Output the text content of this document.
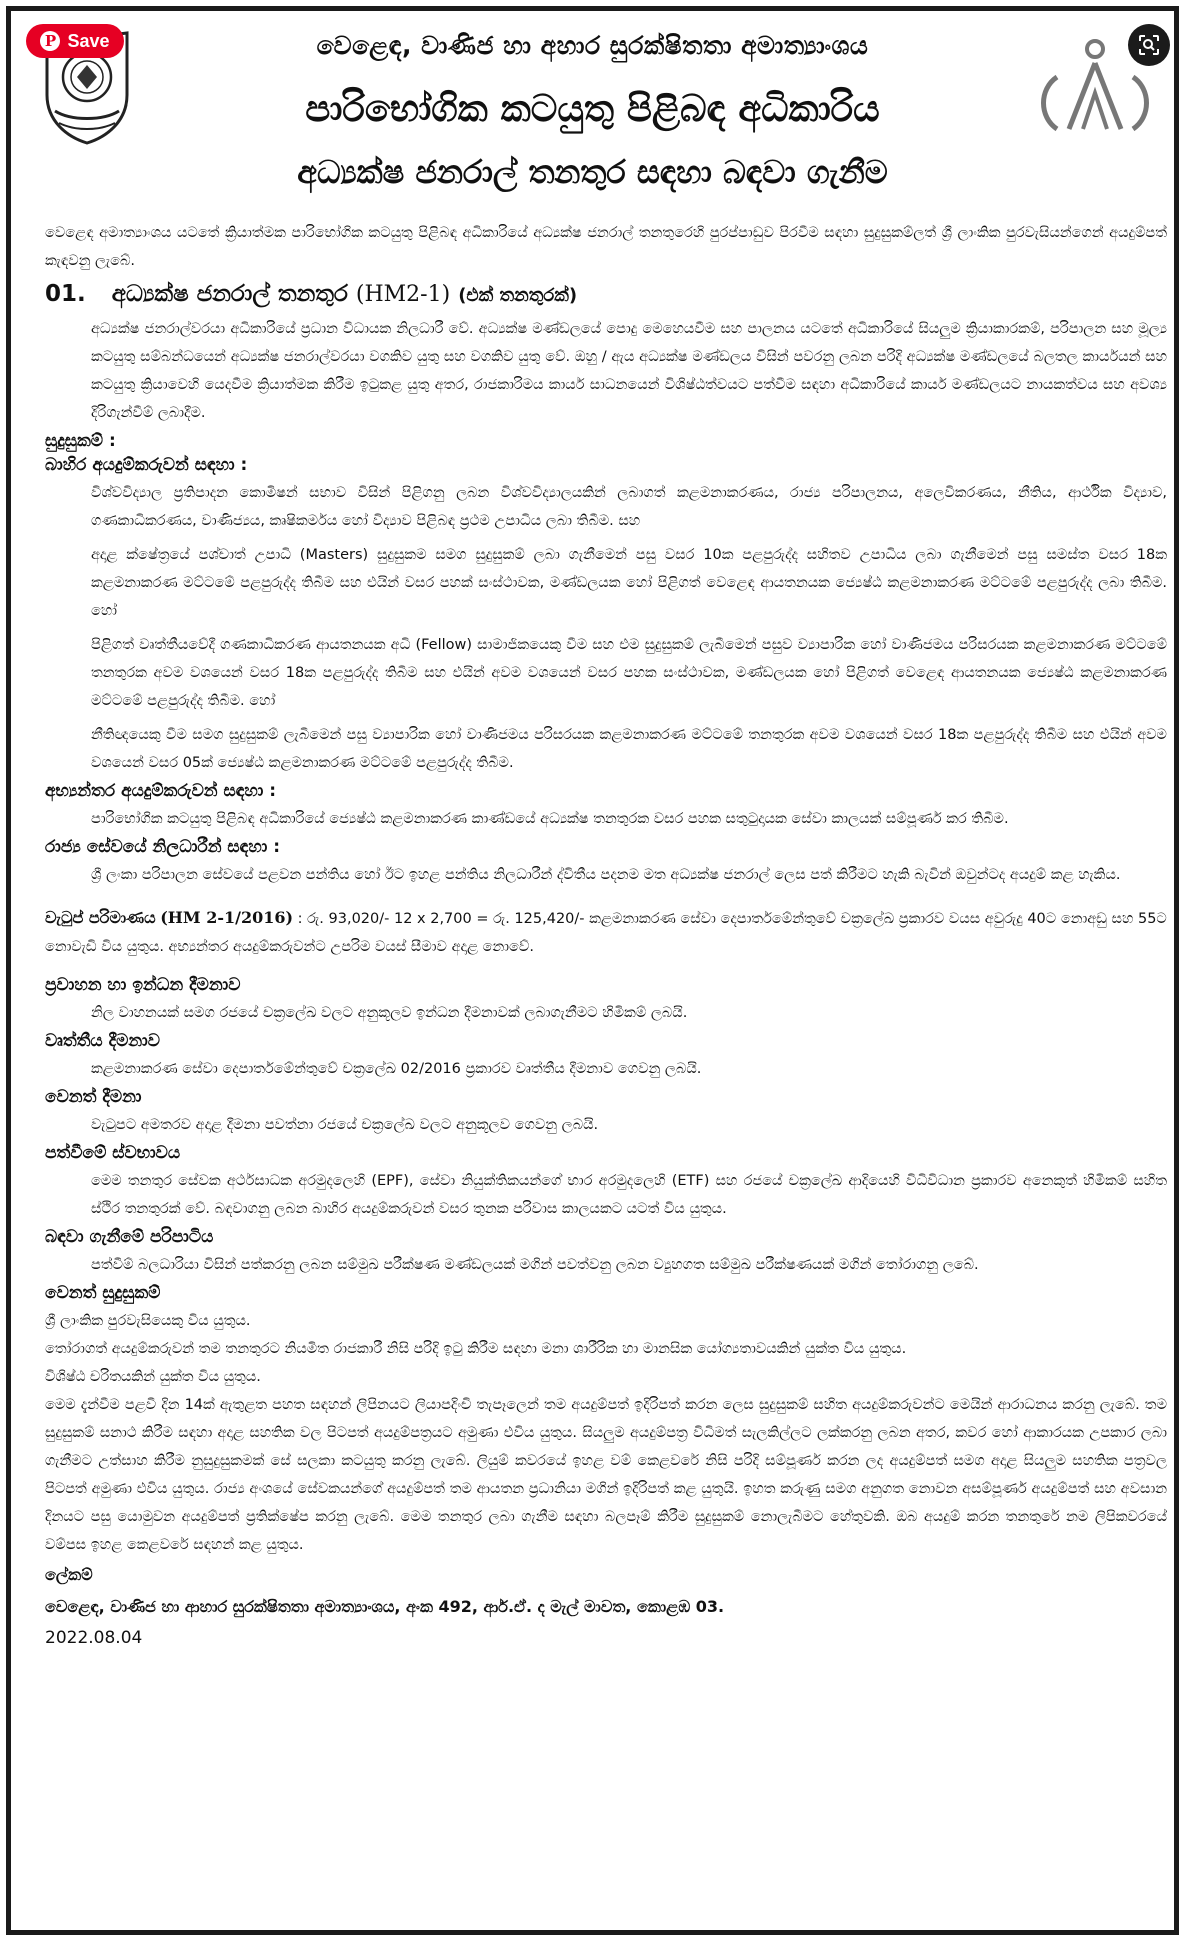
වෙළෙඳ, වාණිජ හා අහාර සුරක්ෂිතතා අමාත්‍යාංශය
පාරිභෝගික කටයුතු පිළිබඳ අධිකාරිය
අධ්‍යක්ෂ ජනරාල් තනතුර සඳහා බඳවා ගැනීම

වෙළෙඳ අමාත්‍යාංශය යටතේ ක්‍රියාත්මක පාරිභෝගික කටයුතු පිළිබඳ අධිකාරියේ අධ්‍යක්ෂ ජනරාල් තනතුරෙහි පුරප්පාඩුව පිරවීම සඳහා සුදුසුකම්ලත් ශ්‍රී ලාංකික පුරවැසියන්ගෙන් අයදුම්පත් කැඳවනු ලැබේ.

01. අධ්‍යක්ෂ ජනරාල් තනතුර (HM2-1) (එක් තනතුරක්)

අධ්‍යක්ෂ ජනරාල්වරයා අධිකාරියේ ප්‍රධාන විධායක නිලධාරී වේ. අධ්‍යක්ෂ මණ්ඩලයේ පොදු මෙහෙයවීම සහ පාලනය යටතේ අධිකාරියේ සියලුම ක්‍රියාකාරකම්, පරිපාලන සහ මූල්‍ය කටයුතු සම්බන්ධයෙන් අධ්‍යක්ෂ ජනරාල්වරයා වගකිව යුතු සහ වගකිව යුතු වේ. ඔහු / ඇය අධ්‍යක්ෂ මණ්ඩලය විසින් පවරනු ලබන පරිදි අධ්‍යක්ෂ මණ්ඩලයේ බලතල කාර්යයන් සහ කටයුතු ක්‍රියාවෙහි යෙදවීම ක්‍රියාත්මක කිරීම ඉටුකළ යුතු අතර, රාජකාරිමය කාර්ය සාධනයෙන් විශිෂ්ඨත්වයට පත්වීම සඳහා අධිකාරියේ කාර්ය මණ්ඩලයට නායකත්වය සහ අවශ්‍ය දිරිගැන්වීම් ලබාදීම.

සුදුසුකම් :
බාහිර අයදුම්කරුවන් සඳහා :

විශ්වවිද්‍යාල ප්‍රතිපාදන කොමිෂන් සභාව විසින් පිළිගනු ලබන විශ්වවිද්‍යාලයකින් ලබාගත් කළමනාකරණය, රාජ්‍ය පරිපාලනය, අලෙවිකරණය, නීතිය, ආර්ථික විද්‍යාව, ගණකාධිකරණය, වාණිජ්‍යය, කෘෂිකර්මය හෝ විද්‍යාව පිළිබඳ ප්‍රථම උපාධිය ලබා තිබීම. සහ

අදාළ ක්ෂේත්‍රයේ පශ්චාත් උපාධි (Masters) සුදුසුකම සමග සුදුසුකම් ලබා ගැනීමෙන් පසු වසර 10ක පළපුරුද්ද සහිතව උපාධිය ලබා ගැනීමෙන් පසු සමස්ත වසර 18ක කළමනාකරණ මට්ටමේ පළපුරුද්ද තිබීම සහ එයින් වසර පහක් සංස්ථාවක, මණ්ඩලයක හෝ පිළිගත් වෙළෙඳ ආයතනයක ජ්‍යෙෂ්ඨ කළමනාකරණ මට්ටමේ පළපුරුද්ද ලබා තිබීම. හෝ

පිළිගත් වෘත්තීයවේදී ගණකාධිකරණ ආයතනයක අධි (Fellow) සාමාජිකයෙකු වීම සහ එම සුදුසුකම් ලැබීමෙන් පසුව ව්‍යාපාරික හෝ වාණිජමය පරිසරයක කළමනාකරණ මට්ටමේ තනතුරක අවම වශයෙන් වසර 18ක පළපුරුද්ද තිබීම සහ එයින් අවම වශයෙන් වසර පහක සංස්ථාවක, මණ්ඩලයක හෝ පිළිගත් වෙළෙඳ ආයතනයක ජ්‍යෙෂ්ඨ කළමනාකරණ මට්ටමේ පළපුරුද්ද තිබීම. හෝ

නීතිඥයෙකු වීම සමග සුදුසුකම් ලැබීමෙන් පසු ව්‍යාපාරික හෝ වාණිජමය පරිසරයක කළමනාකරණ මට්ටමේ තනතුරක අවම වශයෙන් වසර 18ක පළපුරුද්ද තිබීම සහ එයින් අවම වශයෙන් වසර 05ක් ජ්‍යෙෂ්ඨ කළමනාකරණ මට්ටමේ පළපුරුද්ද තිබීම.

අභ්‍යන්තර අයදුම්කරුවන් සඳහා :

පාරිභෝගික කටයුතු පිළිබඳ අධිකාරියේ ජ්‍යෙෂ්ඨ කළමනාකරණ කාණ්ඩයේ අධ්‍යක්ෂ තනතුරක වසර පහක සතුටුදායක සේවා කාලයක් සම්පූර්ණ කර තිබීම.

රාජ්‍ය සේවයේ නිලධාරීන් සඳහා :

ශ්‍රී ලංකා පරිපාලන සේවයේ පළවන පන්තිය හෝ ඊට ඉහළ පන්තිය නිලධාරීන් ද්විතීය පදනම මත අධ්‍යක්ෂ ජනරාල් ලෙස පත් කිරීමට හැකි බැවින් ඔවුන්ටද අයදුම් කළ හැකිය.

වැටුප් පරිමාණය (HM 2-1/2016) : රු. 93,020/- 12 x 2,700 = රු. 125,420/- කළමනාකරණ සේවා දෙපාර්තමේන්තුවේ චක්‍රලේඛ ප්‍රකාරව වයස අවුරුදු 40ට නොඅඩු සහ 55ට නොවැඩි විය යුතුය. අභ්‍යන්තර අයදුම්කරුවන්ට උපරිම වයස් සීමාව අදාළ නොවේ.

ප්‍රවාහන හා ඉන්ධන දීමනාව

නිල වාහනයක් සමග රජයේ චක්‍රලේඛ වලට අනුකූලව ඉන්ධන දීමනාවක් ලබාගැනීමට හිමිකම් ලබයි.

වෘත්තීය දීමනාව

කළමනාකරණ සේවා දෙපාර්තමේන්තුවේ චක්‍රලේඛ 02/2016 ප්‍රකාරව වෘත්තීය දීමනාව ගෙවනු ලබයි.

වෙනත් දීමනා

වැටුපට අමතරව අදාළ දීමනා පවත්නා රජයේ චක්‍රලේඛ වලට අනුකූලව ගෙවනු ලබයි.

පත්වීමේ ස්වභාවය

මෙම තනතුර සේවක අර්ථසාධක අරමුදලෙහි (EPF), සේවා නියුක්තිකයන්ගේ භාර අරමුදලෙහි (ETF) සහ රජයේ චක්‍රලේඛ ආදියෙහි විධිවිධාන ප්‍රකාරව අනෙකුත් හිමිකම් සහිත ස්ථිර තනතුරක් වේ. බඳවාගනු ලබන බාහිර අයදුම්කරුවන් වසර තුනක පරිවාස කාලයකට යටත් විය යුතුය.

බඳවා ගැනීමේ පරිපාටිය

පත්වීම් බලධාරියා විසින් පත්කරනු ලබන සම්මුඛ පරීක්ෂණ මණ්ඩලයක් මගින් පවත්වනු ලබන ව්‍යුහගත සම්මුඛ පරීක්ෂණයක් මගින් තෝරාගනු ලබේ.

වෙනත් සුදුසුකම්

ශ්‍රී ලාංකික පුරවැසියෙකු විය යුතුය.

තෝරාගත් අයදුම්කරුවන් තම තනතුරට නියමිත රාජකාරී නිසි පරිදි ඉටු කිරීම සඳහා මනා ශාරීරික හා මානසික යෝග්‍යතාවයකින් යුක්ත විය යුතුය.

විශිෂ්ඨ චරිතයකින් යුක්ත විය යුතුය.

මෙම දැන්වීම පළවී දින 14ක් ඇතුළත පහත සඳහන් ලිපිනයට ලියාපදිංචි තැපෑලෙන් තම අයදුම්පත් ඉදිරිපත් කරන ලෙස සුදුසුකම් සහිත අයදුම්කරුවන්ට මෙයින් ආරාධනය කරනු ලැබේ. තම සුදුසුකම් සනාථ කිරීම සඳහා අදාළ සහතික වල පිටපත් අයදුම්පත්‍රයට අමුණා එවිය යුතුය. සියලුම අයදුම්පත්‍ර විධිමත් සැලකිල්ලට ලක්කරනු ලබන අතර, කවර හෝ ආකාරයක උපකාර ලබා ගැනීමට උත්සාහ කිරීම නුසුදුසුකමක් සේ සලකා කටයුතු කරනු ලැබේ. ලියුම් කවරයේ ඉහළ වම් කෙළවරේ නිසි පරිදි සම්පූර්ණ කරන ලද අයදුම්පත් සමග අදාළ සියලුම සහතික පත්‍රවල පිටපත් අමුණා එවිය යුතුය. රාජ්‍ය අංශයේ සේවකයන්ගේ අයදුම්පත් තම ආයතන ප්‍රධානියා මගින් ඉදිරිපත් කළ යුතුයි. ඉහත කරුණු සමග අනුගත නොවන අසම්පූර්ණ අයදුම්පත් සහ අවසාන දිනයට පසු යොමුවන අයදුම්පත් ප්‍රතික්ෂේප කරනු ලැබේ. මෙම තනතුර ලබා ගැනීම සඳහා බලපෑම් කිරීම සුදුසුකම් නොලැබීමට හේතුවකි. ඔබ අයදුම් කරන තනතුරේ නම ලිපිකවරයේ වම්පස ඉහළ කෙළවරේ සඳහන් කළ යුතුය.

ලේකම්
වෙළෙඳ, වාණිජ හා ආහාර සුරක්ෂිතතා අමාත්‍යාංශය, අංක 492, ආර්.ඒ. ද මැල් මාවත, කොළඹ 03.
2022.08.04
P Save
